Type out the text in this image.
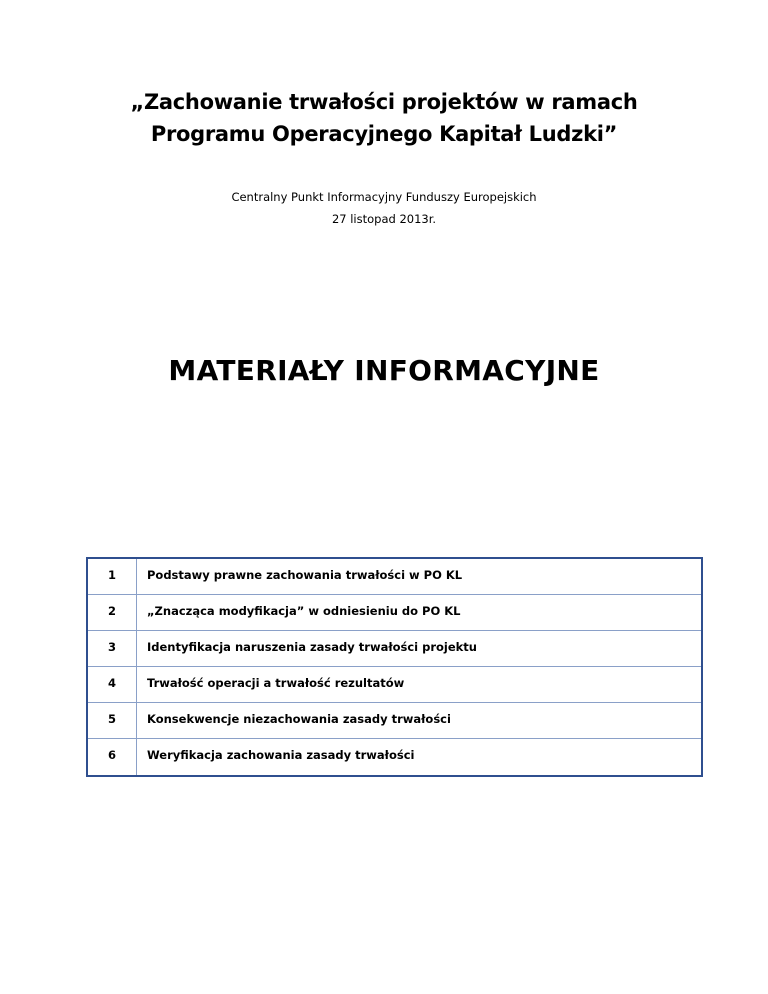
„Zachowanie trwałości projektów w ramach
Programu Operacyjnego Kapitał Ludzki”
Centralny Punkt Informacyjny Funduszy Europejskich
27 listopad 2013r.
MATERIAŁY INFORMACYJNE
1	Podstawy prawne zachowania trwałości w PO KL
2	„Znacząca modyfikacja” w odniesieniu do PO KL
3	Identyfikacja naruszenia zasady trwałości projektu
4	Trwałość operacji a trwałość rezultatów
5	Konsekwencje niezachowania zasady trwałości
6	Weryfikacja zachowania zasady trwałości
